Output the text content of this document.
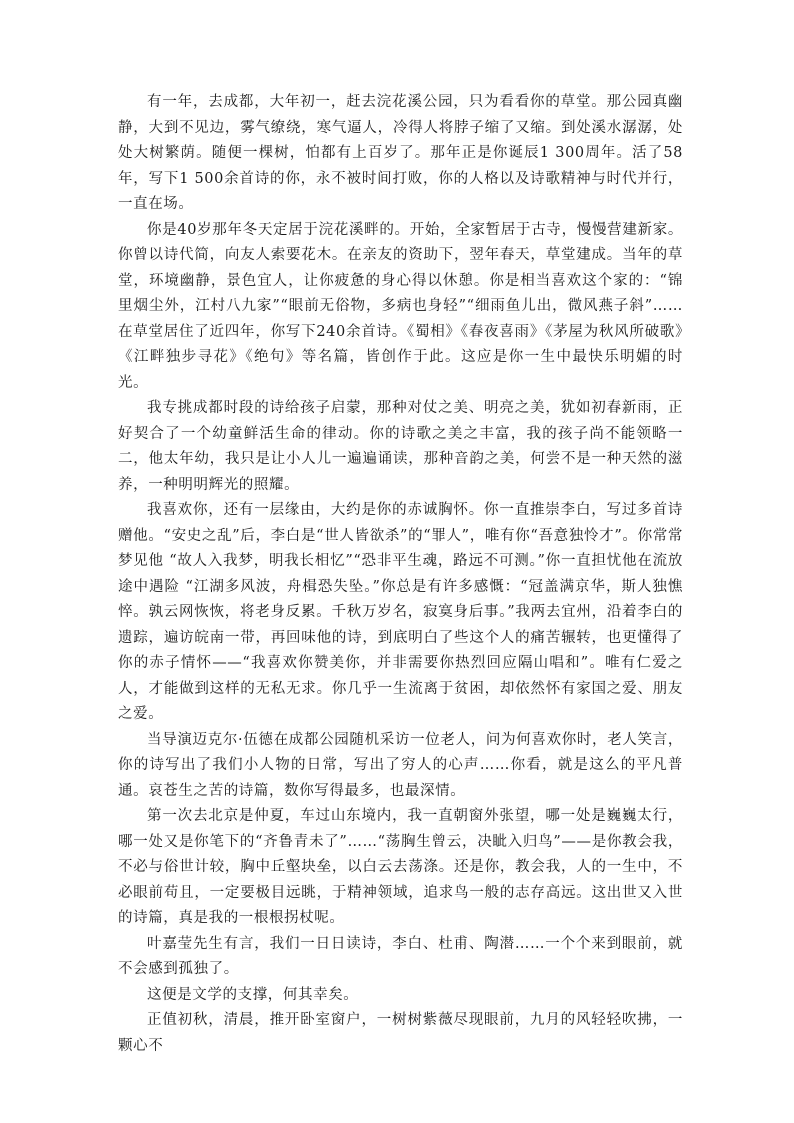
有一年，去成都，大年初一，赶去浣花溪公园，只为看看你的草堂。那公园真幽静，大到不见边，雾气缭绕，寒气逼人，冷得人将脖子缩了又缩。到处溪水潺潺，处处大树繁荫。随便一棵树，怕都有上百岁了。那年正是你诞辰1 300周年。活了58年，写下1 500余首诗的你，永不被时间打败，你的人格以及诗歌精神与时代并行，一直在场。

你是40岁那年冬天定居于浣花溪畔的。开始，全家暂居于古寺，慢慢营建新家。你曾以诗代简，向友人索要花木。在亲友的资助下，翌年春天，草堂建成。当年的草堂，环境幽静，景色宜人，让你疲惫的身心得以休憩。你是相当喜欢这个家的：“锦里烟尘外，江村八九家”“眼前无俗物，多病也身轻”“细雨鱼儿出，微风燕子斜”……在草堂居住了近四年，你写下240余首诗。《蜀相》《春夜喜雨》《茅屋为秋风所破歌》《江畔独步寻花》《绝句》等名篇，皆创作于此。这应是你一生中最快乐明媚的时光。

我专挑成都时段的诗给孩子启蒙，那种对仗之美、明亮之美，犹如初春新雨，正好契合了一个幼童鲜活生命的律动。你的诗歌之美之丰富，我的孩子尚不能领略一二，他太年幼，我只是让小人儿一遍遍诵读，那种音韵之美，何尝不是一种天然的滋养，一种明明辉光的照耀。

我喜欢你，还有一层缘由，大约是你的赤诚胸怀。你一直推崇李白，写过多首诗赠他。“安史之乱”后，李白是“世人皆欲杀”的“罪人”，唯有你“吾意独怜才”。你常常梦见他 “故人入我梦，明我长相忆”“恐非平生魂，路远不可测。”你一直担忧他在流放途中遇险 “江湖多风波，舟楫恐失坠。”你总是有许多感慨：“冠盖满京华，斯人独憔悴。孰云网恢恢，将老身反累。千秋万岁名，寂寞身后事。”我两去宜州，沿着李白的遗踪，遍访皖南一带，再回味他的诗，到底明白了些这个人的痛苦辗转，也更懂得了你的赤子情怀——“我喜欢你赞美你，并非需要你热烈回应隔山唱和”。唯有仁爱之人，才能做到这样的无私无求。你几乎一生流离于贫困，却依然怀有家国之爱、朋友之爱。

当导演迈克尔·伍德在成都公园随机采访一位老人，问为何喜欢你时，老人笑言，你的诗写出了我们小人物的日常，写出了穷人的心声……你看，就是这么的平凡普通。哀苍生之苦的诗篇，数你写得最多，也最深情。

第一次去北京是仲夏，车过山东境内，我一直朝窗外张望，哪一处是巍巍太行，哪一处又是你笔下的“齐鲁青未了”……“荡胸生曾云，决眦入归鸟”——是你教会我，不必与俗世计较，胸中丘壑块垒，以白云去荡涤。还是你，教会我，人的一生中，不必眼前苟且，一定要极目远眺，于精神领域，追求鸟一般的志存高远。这出世又入世的诗篇，真是我的一根根拐杖呢。

叶嘉莹先生有言，我们一日日读诗，李白、杜甫、陶潜……一个个来到眼前，就不会感到孤独了。

这便是文学的支撑，何其幸矣。

正值初秋，清晨，推开卧室窗户，一树树紫薇尽现眼前，九月的风轻轻吹拂，一颗心不
